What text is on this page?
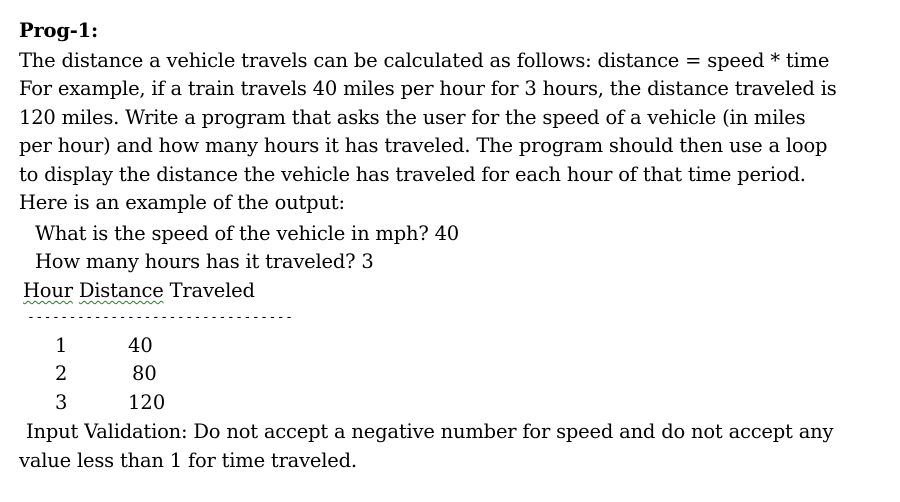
Prog-1:
The distance a vehicle travels can be calculated as follows: distance = speed * time
For example, if a train travels 40 miles per hour for 3 hours, the distance traveled is
120 miles. Write a program that asks the user for the speed of a vehicle (in miles
per hour) and how many hours it has traveled. The program should then use a loop
to display the distance the vehicle has traveled for each hour of that time period.
Here is an example of the output:
What is the speed of the vehicle in mph? 40
How many hours has it traveled? 3
Hour Distance Traveled
--------------------------------
1	40
2	80
3	120
Input Validation: Do not accept a negative number for speed and do not accept any
value less than 1 for time traveled.
